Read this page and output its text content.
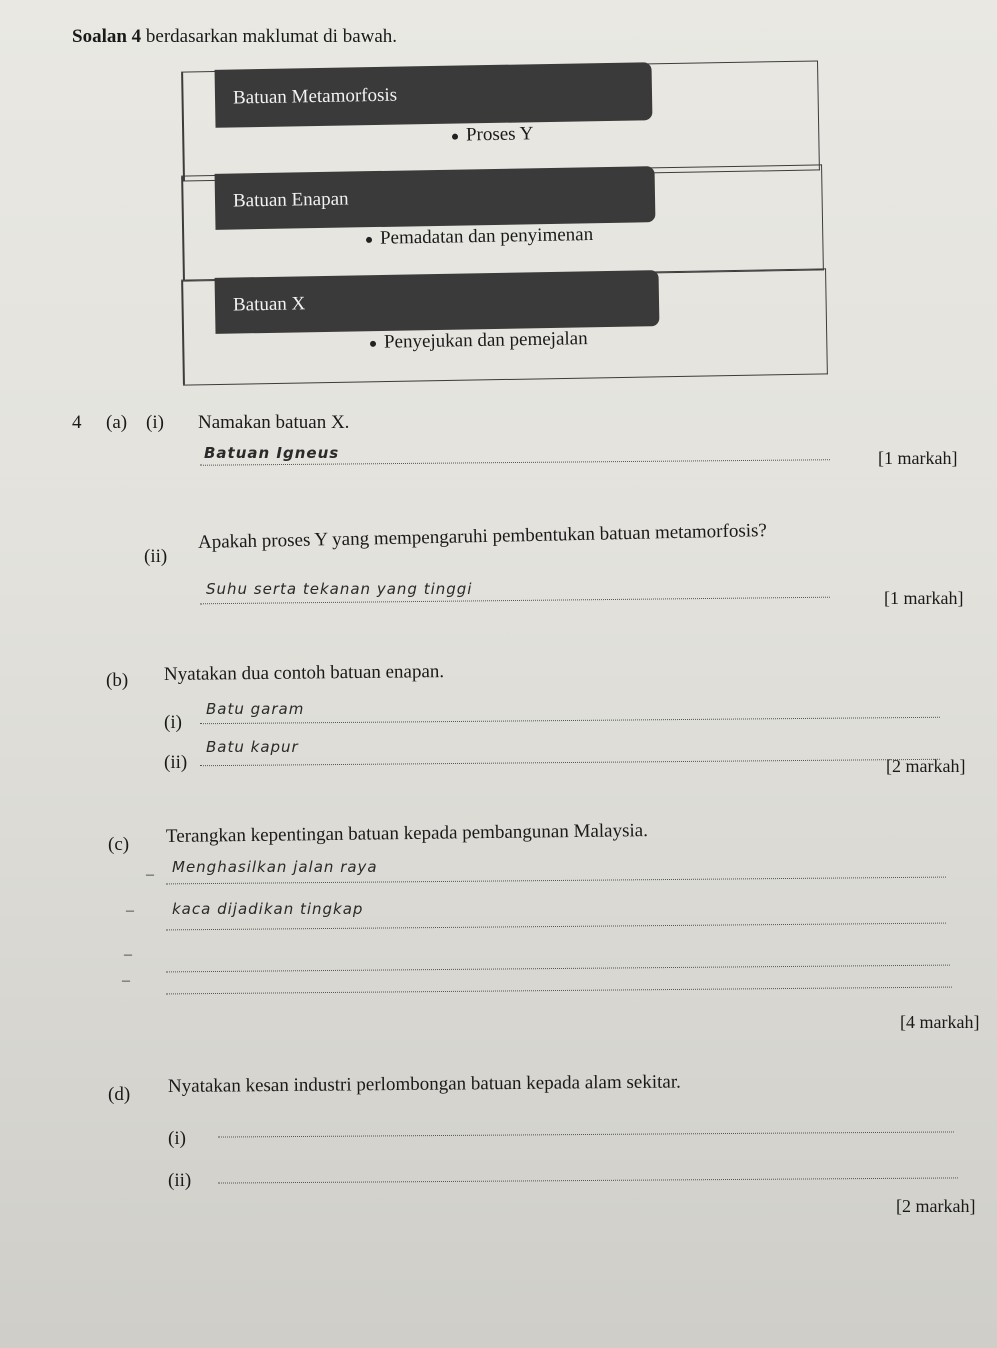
Soalan 4 berdasarkan maklumat di bawah.
Batuan Metamorfosis
Proses Y
Batuan Enapan
Pemadatan dan penyimenan
Batuan X
Penyejukan dan pemejalan
4 (a) (i) Namakan batuan X.
Batuan Igneus	[1 markah]
(ii)
Apakah proses Y yang mempengaruhi pembentukan batuan metamorfosis?
Suhu serta tekanan yang tinggi	[1 markah]
(b) Nyatakan dua contoh batuan enapan.
(i)
Batu garam
(ii)
Batu kapur
[2 markah]
(c) Terangkan kepentingan batuan kepada pembangunan Malaysia.
– Menghasilkan jalan raya
–	kaca dijadikan tingkap
–
–
[4 markah]
(d) Nyatakan kesan industri perlombongan batuan kepada alam sekitar.
(i)
(ii)
[2 markah]
